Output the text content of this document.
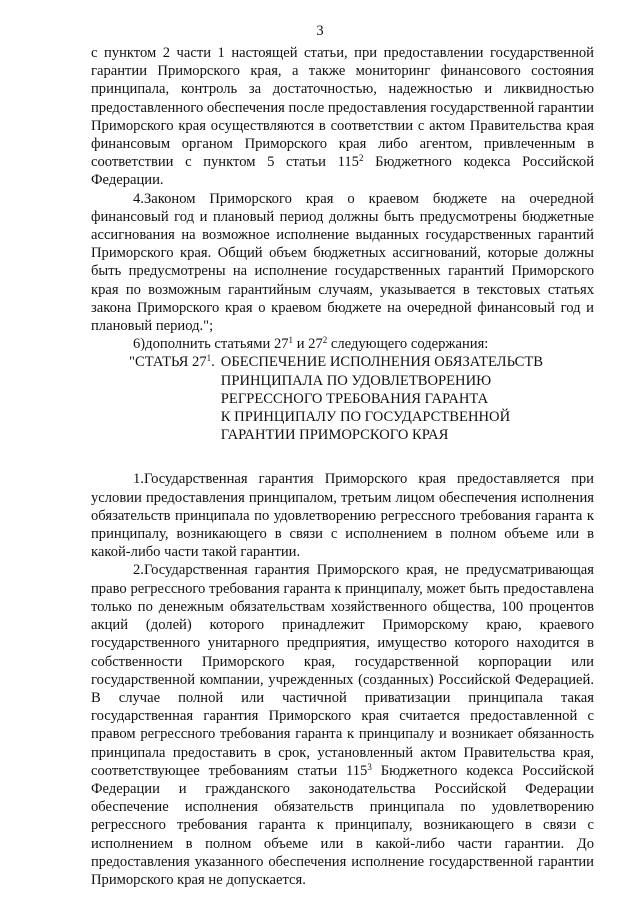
3

с пунктом 2 части 1 настоящей статьи, при предоставлении государственной гарантии Приморского края, а также мониторинг финансового состояния принципала, контроль за достаточностью, надежностью и ликвидностью предоставленного обеспечения после предоставления государственной гарантии Приморского края осуществляются в соответствии с актом Правительства края финансовым органом Приморского края либо агентом, привлеченным в соответствии с пунктом 5 статьи $115^2$ Бюджетного кодекса Российской Федерации.

4.Законом Приморского края о краевом бюджете на очередной финансовый год и плановый период должны быть предусмотрены бюджетные ассигнования на возможное исполнение выданных государственных гарантий Приморского края. Общий объем бюджетных ассигнований, которые должны быть предусмотрены на исполнение государственных гарантий Приморского края по возможным гарантийным случаям, указывается в текстовых статьях закона Приморского края о краевом бюджете на очередной финансовый год и плановый период.";

6)дополнить статьями $27^1$ и $27^2$ следующего содержания:

"СТАТЬЯ $27^1$. ОБЕСПЕЧЕНИЕ ИСПОЛНЕНИЯ ОБЯЗАТЕЛЬСТВ
ПРИНЦИПАЛА ПО УДОВЛЕТВОРЕНИЮ
РЕГРЕССНОГО ТРЕБОВАНИЯ ГАРАНТА
К ПРИНЦИПАЛУ ПО ГОСУДАРСТВЕННОЙ
ГАРАНТИИ ПРИМОРСКОГО КРАЯ

1.Государственная гарантия Приморского края предоставляется при условии предоставления принципалом, третьим лицом обеспечения исполнения обязательств принципала по удовлетворению регрессного требования гаранта к принципалу, возникающего в связи с исполнением в полном объеме или в какой-либо части такой гарантии.

2.Государственная гарантия Приморского края, не предусматривающая право регрессного требования гаранта к принципалу, может быть предоставлена только по денежным обязательствам хозяйственного общества, 100 процентов акций (долей) которого принадлежит Приморскому краю, краевого государственного унитарного предприятия, имущество которого находится в собственности Приморского края, государственной корпорации или государственной компании, учрежденных (созданных) Российской Федерацией. В случае полной или частичной приватизации принципала такая государственная гарантия Приморского края считается предоставленной с правом регрессного требования гаранта к принципалу и возникает обязанность принципала предоставить в срок, установленный актом Правительства края, соответствующее требованиям статьи $115^3$ Бюджетного кодекса Российской Федерации и гражданского законодательства Российской Федерации обеспечение исполнения обязательств принципала по удовлетворению регрессного требования гаранта к принципалу, возникающего в связи с исполнением в полном объеме или в какой-либо части гарантии. До предоставления указанного обеспечения исполнение государственной гарантии Приморского края не допускается.
